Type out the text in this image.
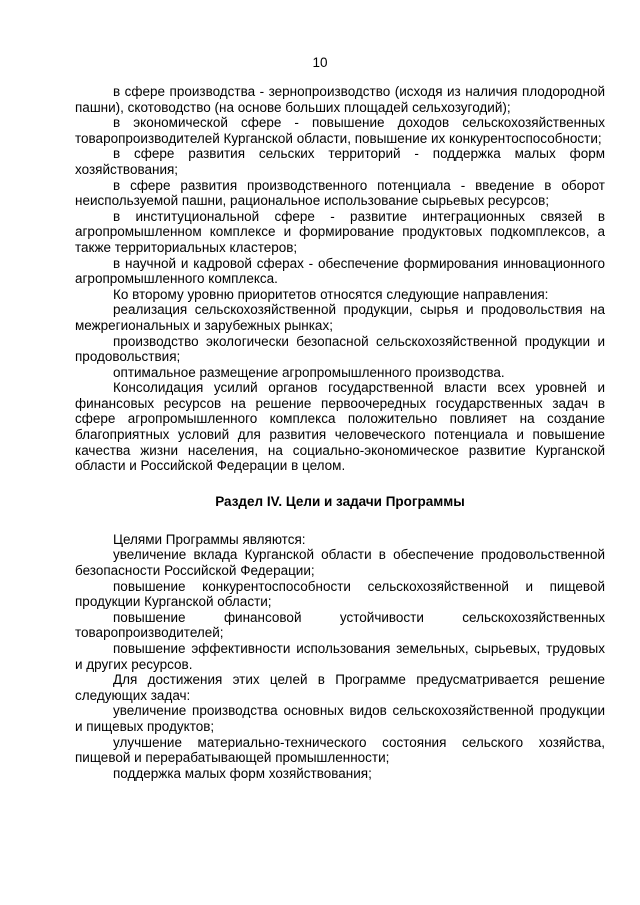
10

в сфере производства - зернопроизводство (исходя из наличия плодородной пашни), скотоводство (на основе больших площадей сельхозугодий);

в экономической сфере - повышение доходов сельскохозяйственных товаропроизводителей Курганской области, повышение их конкурентоспособности;

в сфере развития сельских территорий - поддержка малых форм хозяйствования;

в сфере развития производственного потенциала - введение в оборот неиспользуемой пашни, рациональное использование сырьевых ресурсов;

в институциональной сфере - развитие интеграционных связей в агропромышленном комплексе и формирование продуктовых подкомплексов, а также территориальных кластеров;

в научной и кадровой сферах - обеспечение формирования инновационного агропромышленного комплекса.

Ко второму уровню приоритетов относятся следующие направления:

реализация сельскохозяйственной продукции, сырья и продовольствия на межрегиональных и зарубежных рынках;

производство экологически безопасной сельскохозяйственной продукции и продовольствия;

оптимальное размещение агропромышленного производства.

Консолидация усилий органов государственной власти всех уровней и финансовых ресурсов на решение первоочередных государственных задач в сфере агропромышленного комплекса положительно повлияет на создание благоприятных условий для развития человеческого потенциала и повышение качества жизни населения, на социально-экономическое развитие Курганской области и Российской Федерации в целом.

Раздел IV. Цели и задачи Программы

Целями Программы являются:

увеличение вклада Курганской области в обеспечение продовольственной безопасности Российской Федерации;

повышение конкурентоспособности сельскохозяйственной и пищевой продукции Курганской области;

повышение финансовой устойчивости сельскохозяйственных товаропроизводителей;

повышение эффективности использования земельных, сырьевых, трудовых и других ресурсов.

Для достижения этих целей в Программе предусматривается решение следующих задач:

увеличение производства основных видов сельскохозяйственной продукции и пищевых продуктов;

улучшение материально-технического состояния сельского хозяйства, пищевой и перерабатывающей промышленности;

поддержка малых форм хозяйствования;
